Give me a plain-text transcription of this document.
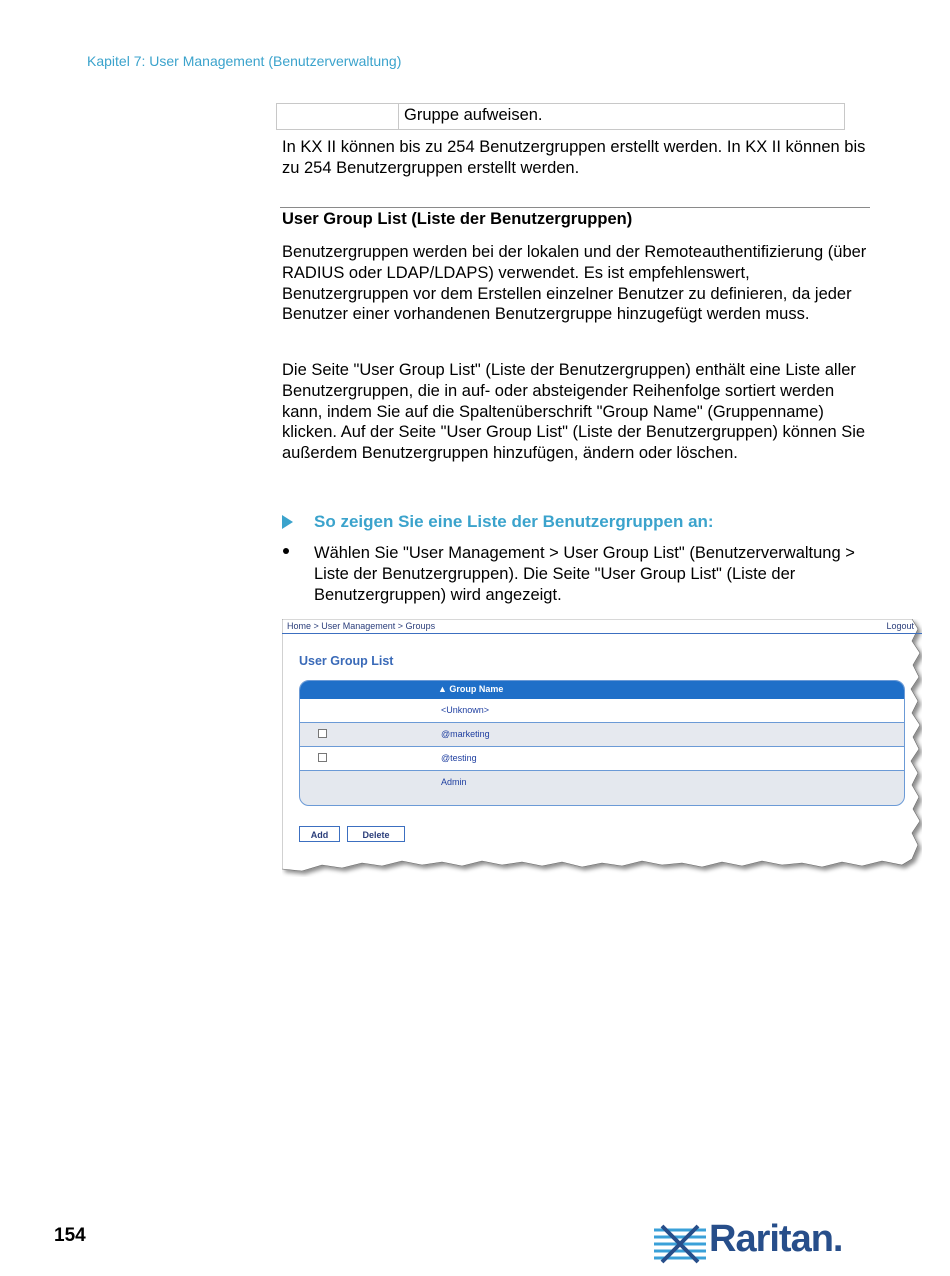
Kapitel 7: User Management (Benutzerverwaltung)
Gruppe aufweisen.
In KX II können bis zu 254 Benutzergruppen erstellt werden. In KX II können bis zu 254 Benutzergruppen erstellt werden.
User Group List (Liste der Benutzergruppen)
Benutzergruppen werden bei der lokalen und der Remoteauthentifizierung (über RADIUS oder LDAP/LDAPS) verwendet. Es ist empfehlenswert, Benutzergruppen vor dem Erstellen einzelner Benutzer zu definieren, da jeder Benutzer einer vorhandenen Benutzergruppe hinzugefügt werden muss.
Die Seite "User Group List" (Liste der Benutzergruppen) enthält eine Liste aller Benutzergruppen, die in auf- oder absteigender Reihenfolge sortiert werden kann, indem Sie auf die Spaltenüberschrift "Group Name" (Gruppenname) klicken. Auf der Seite "User Group List" (Liste der Benutzergruppen) können Sie außerdem Benutzergruppen hinzufügen, ändern oder löschen.
So zeigen Sie eine Liste der Benutzergruppen an:
Wählen Sie "User Management > User Group List" (Benutzerverwaltung > Liste der Benutzergruppen). Die Seite "User Group List" (Liste der Benutzergruppen) wird angezeigt.
Home > User Management > Groups	Logout
User Group List
▲ Group Name
<Unknown>
@marketing
@testing
Admin
Add	Delete
154	Raritan.
